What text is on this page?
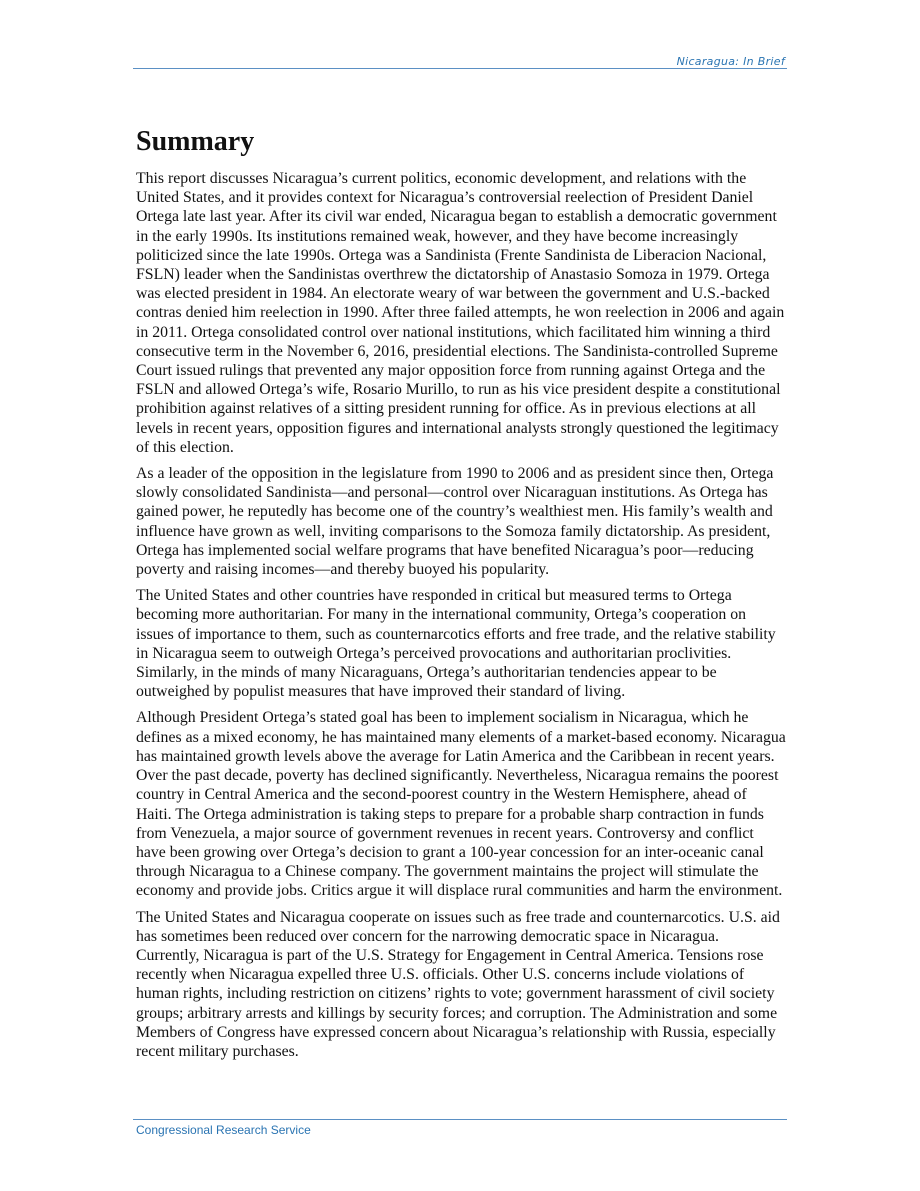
Nicaragua: In Brief
Summary

This report discusses Nicaragua’s current politics, economic development, and relations with the United States, and it provides context for Nicaragua’s controversial reelection of President Daniel Ortega late last year. After its civil war ended, Nicaragua began to establish a democratic government in the early 1990s. Its institutions remained weak, however, and they have become increasingly politicized since the late 1990s. Ortega was a Sandinista (Frente Sandinista de Liberacion Nacional, FSLN) leader when the Sandinistas overthrew the dictatorship of Anastasio Somoza in 1979. Ortega was elected president in 1984. An electorate weary of war between the government and U.S.-backed contras denied him reelection in 1990. After three failed attempts, he won reelection in 2006 and again in 2011. Ortega consolidated control over national institutions, which facilitated him winning a third consecutive term in the November 6, 2016, presidential elections. The Sandinista-controlled Supreme Court issued rulings that prevented any major opposition force from running against Ortega and the FSLN and allowed Ortega’s wife, Rosario Murillo, to run as his vice president despite a constitutional prohibition against relatives of a sitting president running for office. As in previous elections at all levels in recent years, opposition figures and international analysts strongly questioned the legitimacy of this election.

As a leader of the opposition in the legislature from 1990 to 2006 and as president since then, Ortega slowly consolidated Sandinista—and personal—control over Nicaraguan institutions. As Ortega has gained power, he reputedly has become one of the country’s wealthiest men. His family’s wealth and influence have grown as well, inviting comparisons to the Somoza family dictatorship. As president, Ortega has implemented social welfare programs that have benefited Nicaragua’s poor—reducing poverty and raising incomes—and thereby buoyed his popularity.

The United States and other countries have responded in critical but measured terms to Ortega becoming more authoritarian. For many in the international community, Ortega’s cooperation on issues of importance to them, such as counternarcotics efforts and free trade, and the relative stability in Nicaragua seem to outweigh Ortega’s perceived provocations and authoritarian proclivities. Similarly, in the minds of many Nicaraguans, Ortega’s authoritarian tendencies appear to be outweighed by populist measures that have improved their standard of living.

Although President Ortega’s stated goal has been to implement socialism in Nicaragua, which he defines as a mixed economy, he has maintained many elements of a market-based economy. Nicaragua has maintained growth levels above the average for Latin America and the Caribbean in recent years. Over the past decade, poverty has declined significantly. Nevertheless, Nicaragua remains the poorest country in Central America and the second-poorest country in the Western Hemisphere, ahead of Haiti. The Ortega administration is taking steps to prepare for a probable sharp contraction in funds from Venezuela, a major source of government revenues in recent years. Controversy and conflict have been growing over Ortega’s decision to grant a 100-year concession for an inter-oceanic canal through Nicaragua to a Chinese company. The government maintains the project will stimulate the economy and provide jobs. Critics argue it will displace rural communities and harm the environment.

The United States and Nicaragua cooperate on issues such as free trade and counternarcotics. U.S. aid has sometimes been reduced over concern for the narrowing democratic space in Nicaragua. Currently, Nicaragua is part of the U.S. Strategy for Engagement in Central America. Tensions rose recently when Nicaragua expelled three U.S. officials. Other U.S. concerns include violations of human rights, including restriction on citizens’ rights to vote; government harassment of civil society groups; arbitrary arrests and killings by security forces; and corruption. The Administration and some Members of Congress have expressed concern about Nicaragua’s relationship with Russia, especially recent military purchases.

Congressional Research Service
